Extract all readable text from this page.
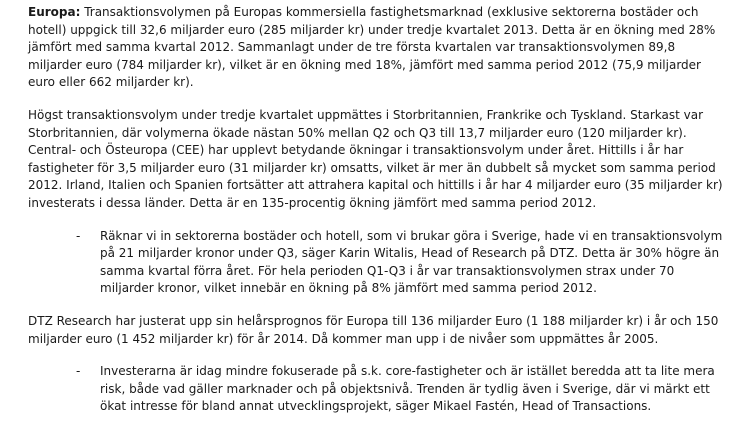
Europa: Transaktionsvolymen på Europas kommersiella fastighetsmarknad (exklusive sektorerna bostäder och hotell) uppgick till 32,6 miljarder euro (285 miljarder kr) under tredje kvartalet 2013. Detta är en ökning med 28% jämfört med samma kvartal 2012. Sammanlagt under de tre första kvartalen var transaktionsvolymen 89,8 miljarder euro (784 miljarder kr), vilket är en ökning med 18%, jämfört med samma period 2012 (75,9 miljarder euro eller 662 miljarder kr).

Högst transaktionsvolym under tredje kvartalet uppmättes i Storbritannien, Frankrike och Tyskland. Starkast var Storbritannien, där volymerna ökade nästan 50% mellan Q2 och Q3 till 13,7 miljarder euro (120 miljarder kr). Central- och Östeuropa (CEE) har upplevt betydande ökningar i transaktionsvolym under året. Hittills i år har fastigheter för 3,5 miljarder euro (31 miljarder kr) omsatts, vilket är mer än dubbelt så mycket som samma period 2012. Irland, Italien och Spanien fortsätter att attrahera kapital och hittills i år har 4 miljarder euro (35 miljarder kr) investerats i dessa länder. Detta är en 135-procentig ökning jämfört med samma period 2012.

- Räknar vi in sektorerna bostäder och hotell, som vi brukar göra i Sverige, hade vi en transaktionsvolym på 21 miljarder kronor under Q3, säger Karin Witalis, Head of Research på DTZ. Detta är 30% högre än samma kvartal förra året. För hela perioden Q1-Q3 i år var transaktionsvolymen strax under 70 miljarder kronor, vilket innebär en ökning på 8% jämfört med samma period 2012.

DTZ Research har justerat upp sin helårsprognos för Europa till 136 miljarder Euro (1 188 miljarder kr) i år och 150 miljarder euro (1 452 miljarder kr) för år 2014. Då kommer man upp i de nivåer som uppmättes år 2005.

- Investerarna är idag mindre fokuserade på s.k. core-fastigheter och är istället beredda att ta lite mera risk, både vad gäller marknader och på objektsnivå. Trenden är tydlig även i Sverige, där vi märkt ett ökat intresse för bland annat utvecklingsprojekt, säger Mikael Fastén, Head of Transactions.
